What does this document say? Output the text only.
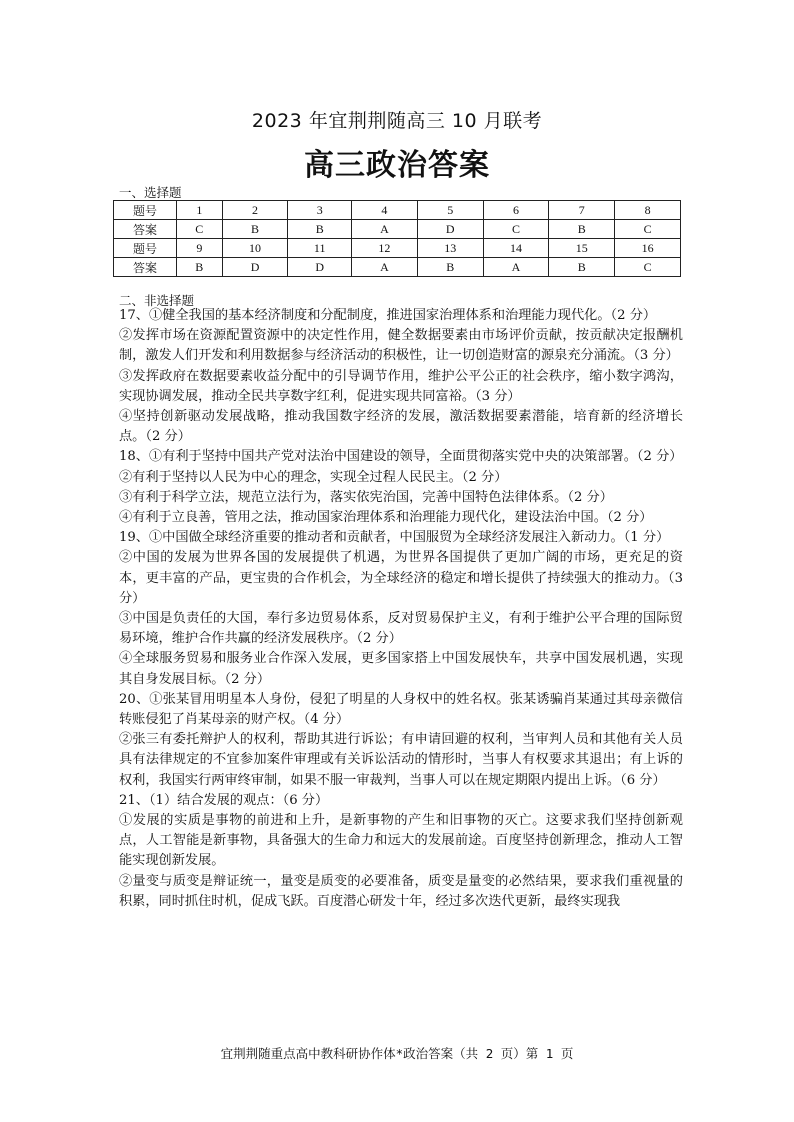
2023 年宜荆荆随高三 10 月联考
高三政治答案
一、选择题
题号	1	2	3	4	5	6	7	8
答案	C	B	B	A	D	C	B	C
题号	9	10	11	12	13	14	15	16
答案	B	D	D	A	B	A	B	C
二、非选择题

17、①健全我国的基本经济制度和分配制度，推进国家治理体系和治理能力现代化。（2 分）

②发挥市场在资源配置资源中的决定性作用，健全数据要素由市场评价贡献，按贡献决定报酬机制，激发人们开发和利用数据参与经济活动的积极性，让一切创造财富的源泉充分涌流。（3 分）

③发挥政府在数据要素收益分配中的引导调节作用，维护公平公正的社会秩序，缩小数字鸿沟，实现协调发展，推动全民共享数字红利，促进实现共同富裕。（3 分）

④坚持创新驱动发展战略，推动我国数字经济的发展，激活数据要素潜能，培育新的经济增长点。（2 分）

18、①有利于坚持中国共产党对法治中国建设的领导，全面贯彻落实党中央的决策部署。（2 分）

②有利于坚持以人民为中心的理念，实现全过程人民民主。（2 分）

③有利于科学立法，规范立法行为，落实依宪治国，完善中国特色法律体系。（2 分）

④有利于立良善，管用之法，推动国家治理体系和治理能力现代化，建设法治中国。（2 分）

19、①中国做全球经济重要的推动者和贡献者，中国服贸为全球经济发展注入新动力。（1 分）

②中国的发展为世界各国的发展提供了机遇，为世界各国提供了更加广阔的市场，更充足的资本，更丰富的产品，更宝贵的合作机会，为全球经济的稳定和增长提供了持续强大的推动力。（3 分）

③中国是负责任的大国，奉行多边贸易体系，反对贸易保护主义，有利于维护公平合理的国际贸易环境，维护合作共赢的经济发展秩序。（2 分）

④全球服务贸易和服务业合作深入发展，更多国家搭上中国发展快车，共享中国发展机遇，实现其自身发展目标。（2 分）

20、①张某冒用明星本人身份，侵犯了明星的人身权中的姓名权。张某诱骗肖某通过其母亲微信转账侵犯了肖某母亲的财产权。（4 分）

②张三有委托辩护人的权利，帮助其进行诉讼；有申请回避的权利，当审判人员和其他有关人员具有法律规定的不宜参加案件审理或有关诉讼活动的情形时，当事人有权要求其退出；有上诉的权利，我国实行两审终审制，如果不服一审裁判，当事人可以在规定期限内提出上诉。（6 分）

21、（1）结合发展的观点：（6 分）

①发展的实质是事物的前进和上升，是新事物的产生和旧事物的灭亡。这要求我们坚持创新观点，人工智能是新事物，具备强大的生命力和远大的发展前途。百度坚持创新理念，推动人工智能实现创新发展。

②量变与质变是辩证统一，量变是质变的必要准备，质变是量变的必然结果，要求我们重视量的积累，同时抓住时机，促成飞跃。百度潜心研发十年，经过多次迭代更新，最终实现我

宜荆荆随重点高中教科研协作体*政治答案（共 2 页）第 1 页
